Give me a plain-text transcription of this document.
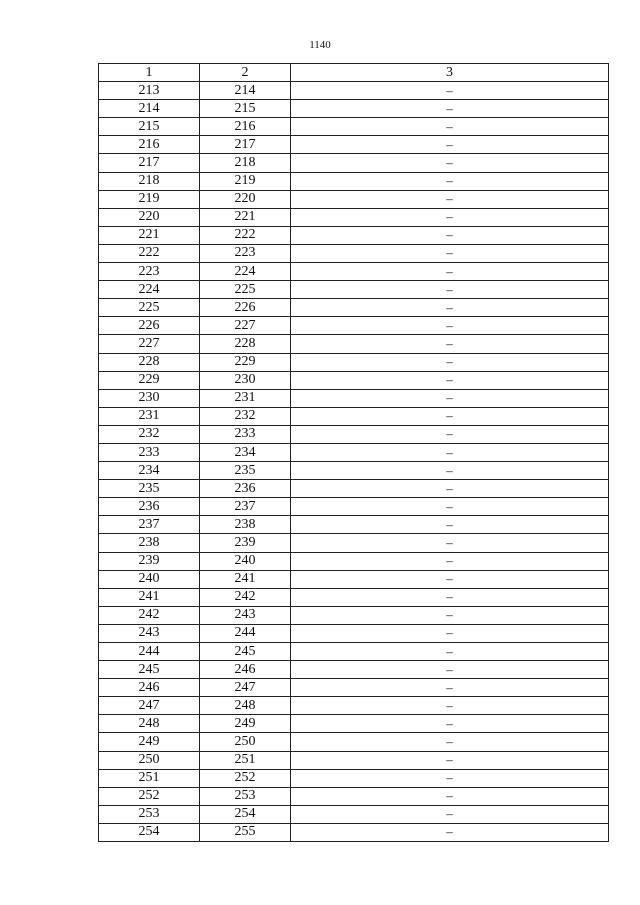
1140
1	2	3
213	214	–
214	215	–
215	216	–
216	217	–
217	218	–
218	219	–
219	220	–
220	221	–
221	222	–
222	223	–
223	224	–
224	225	–
225	226	–
226	227	–
227	228	–
228	229	–
229	230	–
230	231	–
231	232	–
232	233	–
233	234	–
234	235	–
235	236	–
236	237	–
237	238	–
238	239	–
239	240	–
240	241	–
241	242	–
242	243	–
243	244	–
244	245	–
245	246	–
246	247	–
247	248	–
248	249	–
249	250	–
250	251	–
251	252	–
252	253	–
253	254	–
254	255	–
